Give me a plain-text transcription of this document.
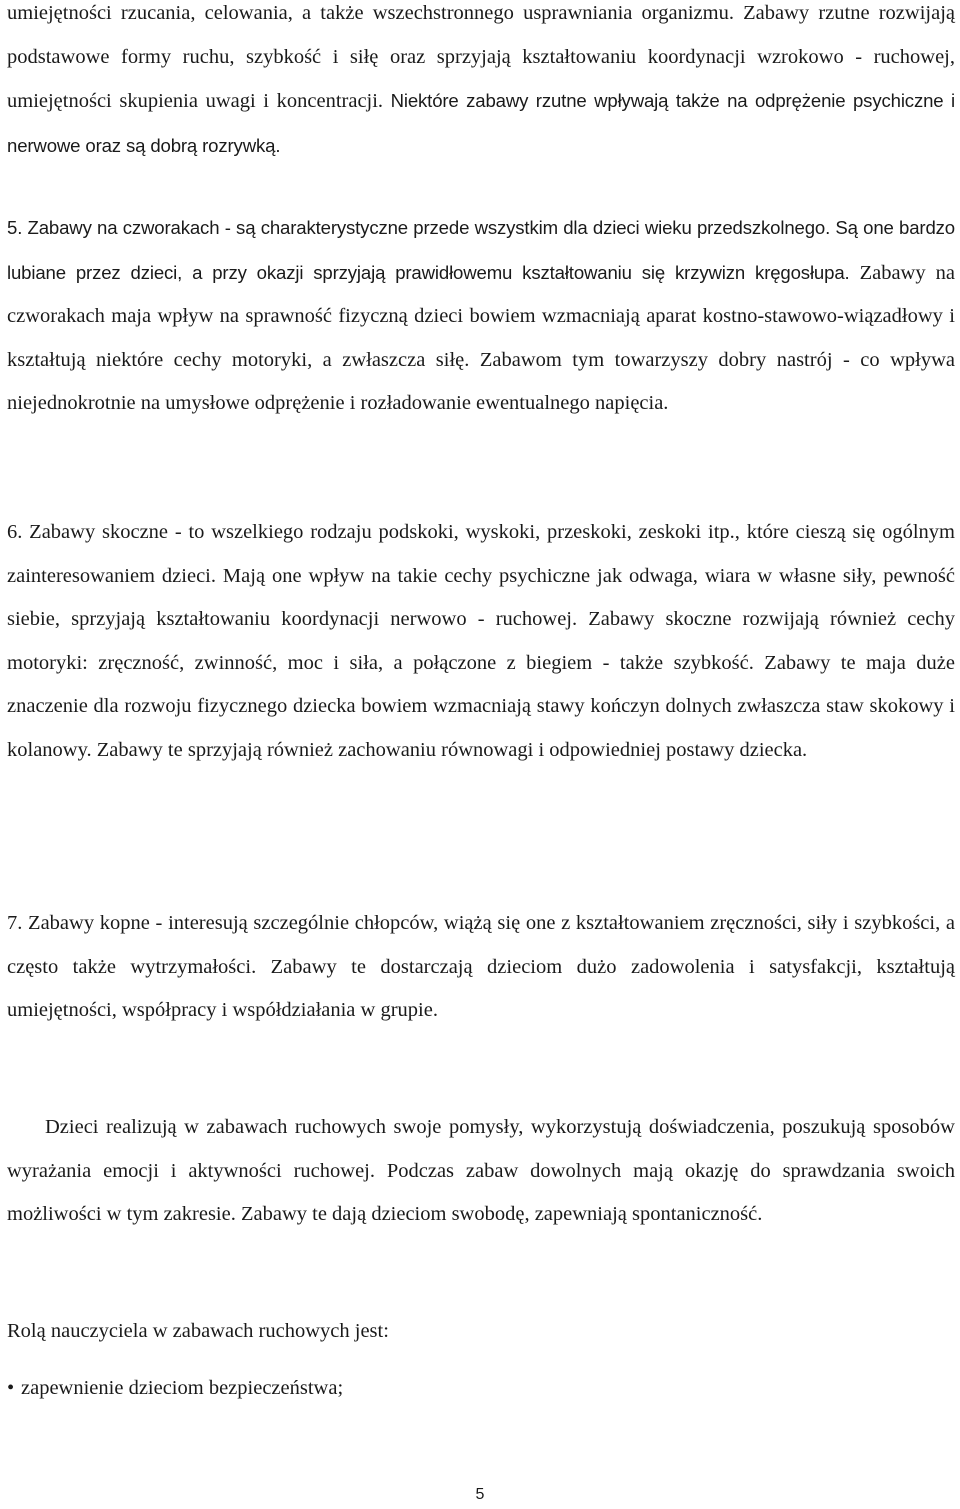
umiejętności rzucania, celowania, a także wszechstronnego usprawniania organizmu. Zabawy rzutne rozwijają podstawowe formy ruchu, szybkość i siłę oraz sprzyjają kształtowaniu koordynacji wzrokowo - ruchowej, umiejętności skupienia uwagi i koncentracji. Niektóre zabawy rzutne wpływają także na odprężenie psychiczne i nerwowe oraz są dobrą rozrywką.

5. Zabawy na czworakach - są charakterystyczne przede wszystkim dla dzieci wieku przedszkolnego. Są one bardzo lubiane przez dzieci, a przy okazji sprzyjają prawidłowemu kształtowaniu się krzywizn kręgosłupa. Zabawy na czworakach maja wpływ na sprawność fizyczną dzieci bowiem wzmacniają aparat kostno-stawowo-wiązadłowy i kształtują niektóre cechy motoryki, a zwłaszcza siłę. Zabawom tym towarzyszy dobry nastrój - co wpływa niejednokrotnie na umysłowe odprężenie i rozładowanie ewentualnego napięcia.

6. Zabawy skoczne - to wszelkiego rodzaju podskoki, wyskoki, przeskoki, zeskoki itp., które cieszą się ogólnym zainteresowaniem dzieci. Mają one wpływ na takie cechy psychiczne jak odwaga, wiara w własne siły, pewność siebie, sprzyjają kształtowaniu koordynacji nerwowo - ruchowej. Zabawy skoczne rozwijają również cechy motoryki: zręczność, zwinność, moc i siła, a połączone z biegiem - także szybkość. Zabawy te maja duże znaczenie dla rozwoju fizycznego dziecka bowiem wzmacniają stawy kończyn dolnych zwłaszcza staw skokowy i kolanowy. Zabawy te sprzyjają również zachowaniu równowagi i odpowiedniej postawy dziecka.

7. Zabawy kopne - interesują szczególnie chłopców, wiążą się one z kształtowaniem zręczności, siły i szybkości, a często także wytrzymałości. Zabawy te dostarczają dzieciom dużo zadowolenia i satysfakcji, kształtują umiejętności, współpracy i współdziałania w grupie.

Dzieci realizują w zabawach ruchowych swoje pomysły, wykorzystują doświadczenia, poszukują sposobów wyrażania emocji i aktywności ruchowej. Podczas zabaw dowolnych mają okazję do sprawdzania swoich możliwości w tym zakresie. Zabawy te dają dzieciom swobodę, zapewniają spontaniczność.

Rolą nauczyciela w zabawach ruchowych jest:

• zapewnienie dzieciom bezpieczeństwa;

5
